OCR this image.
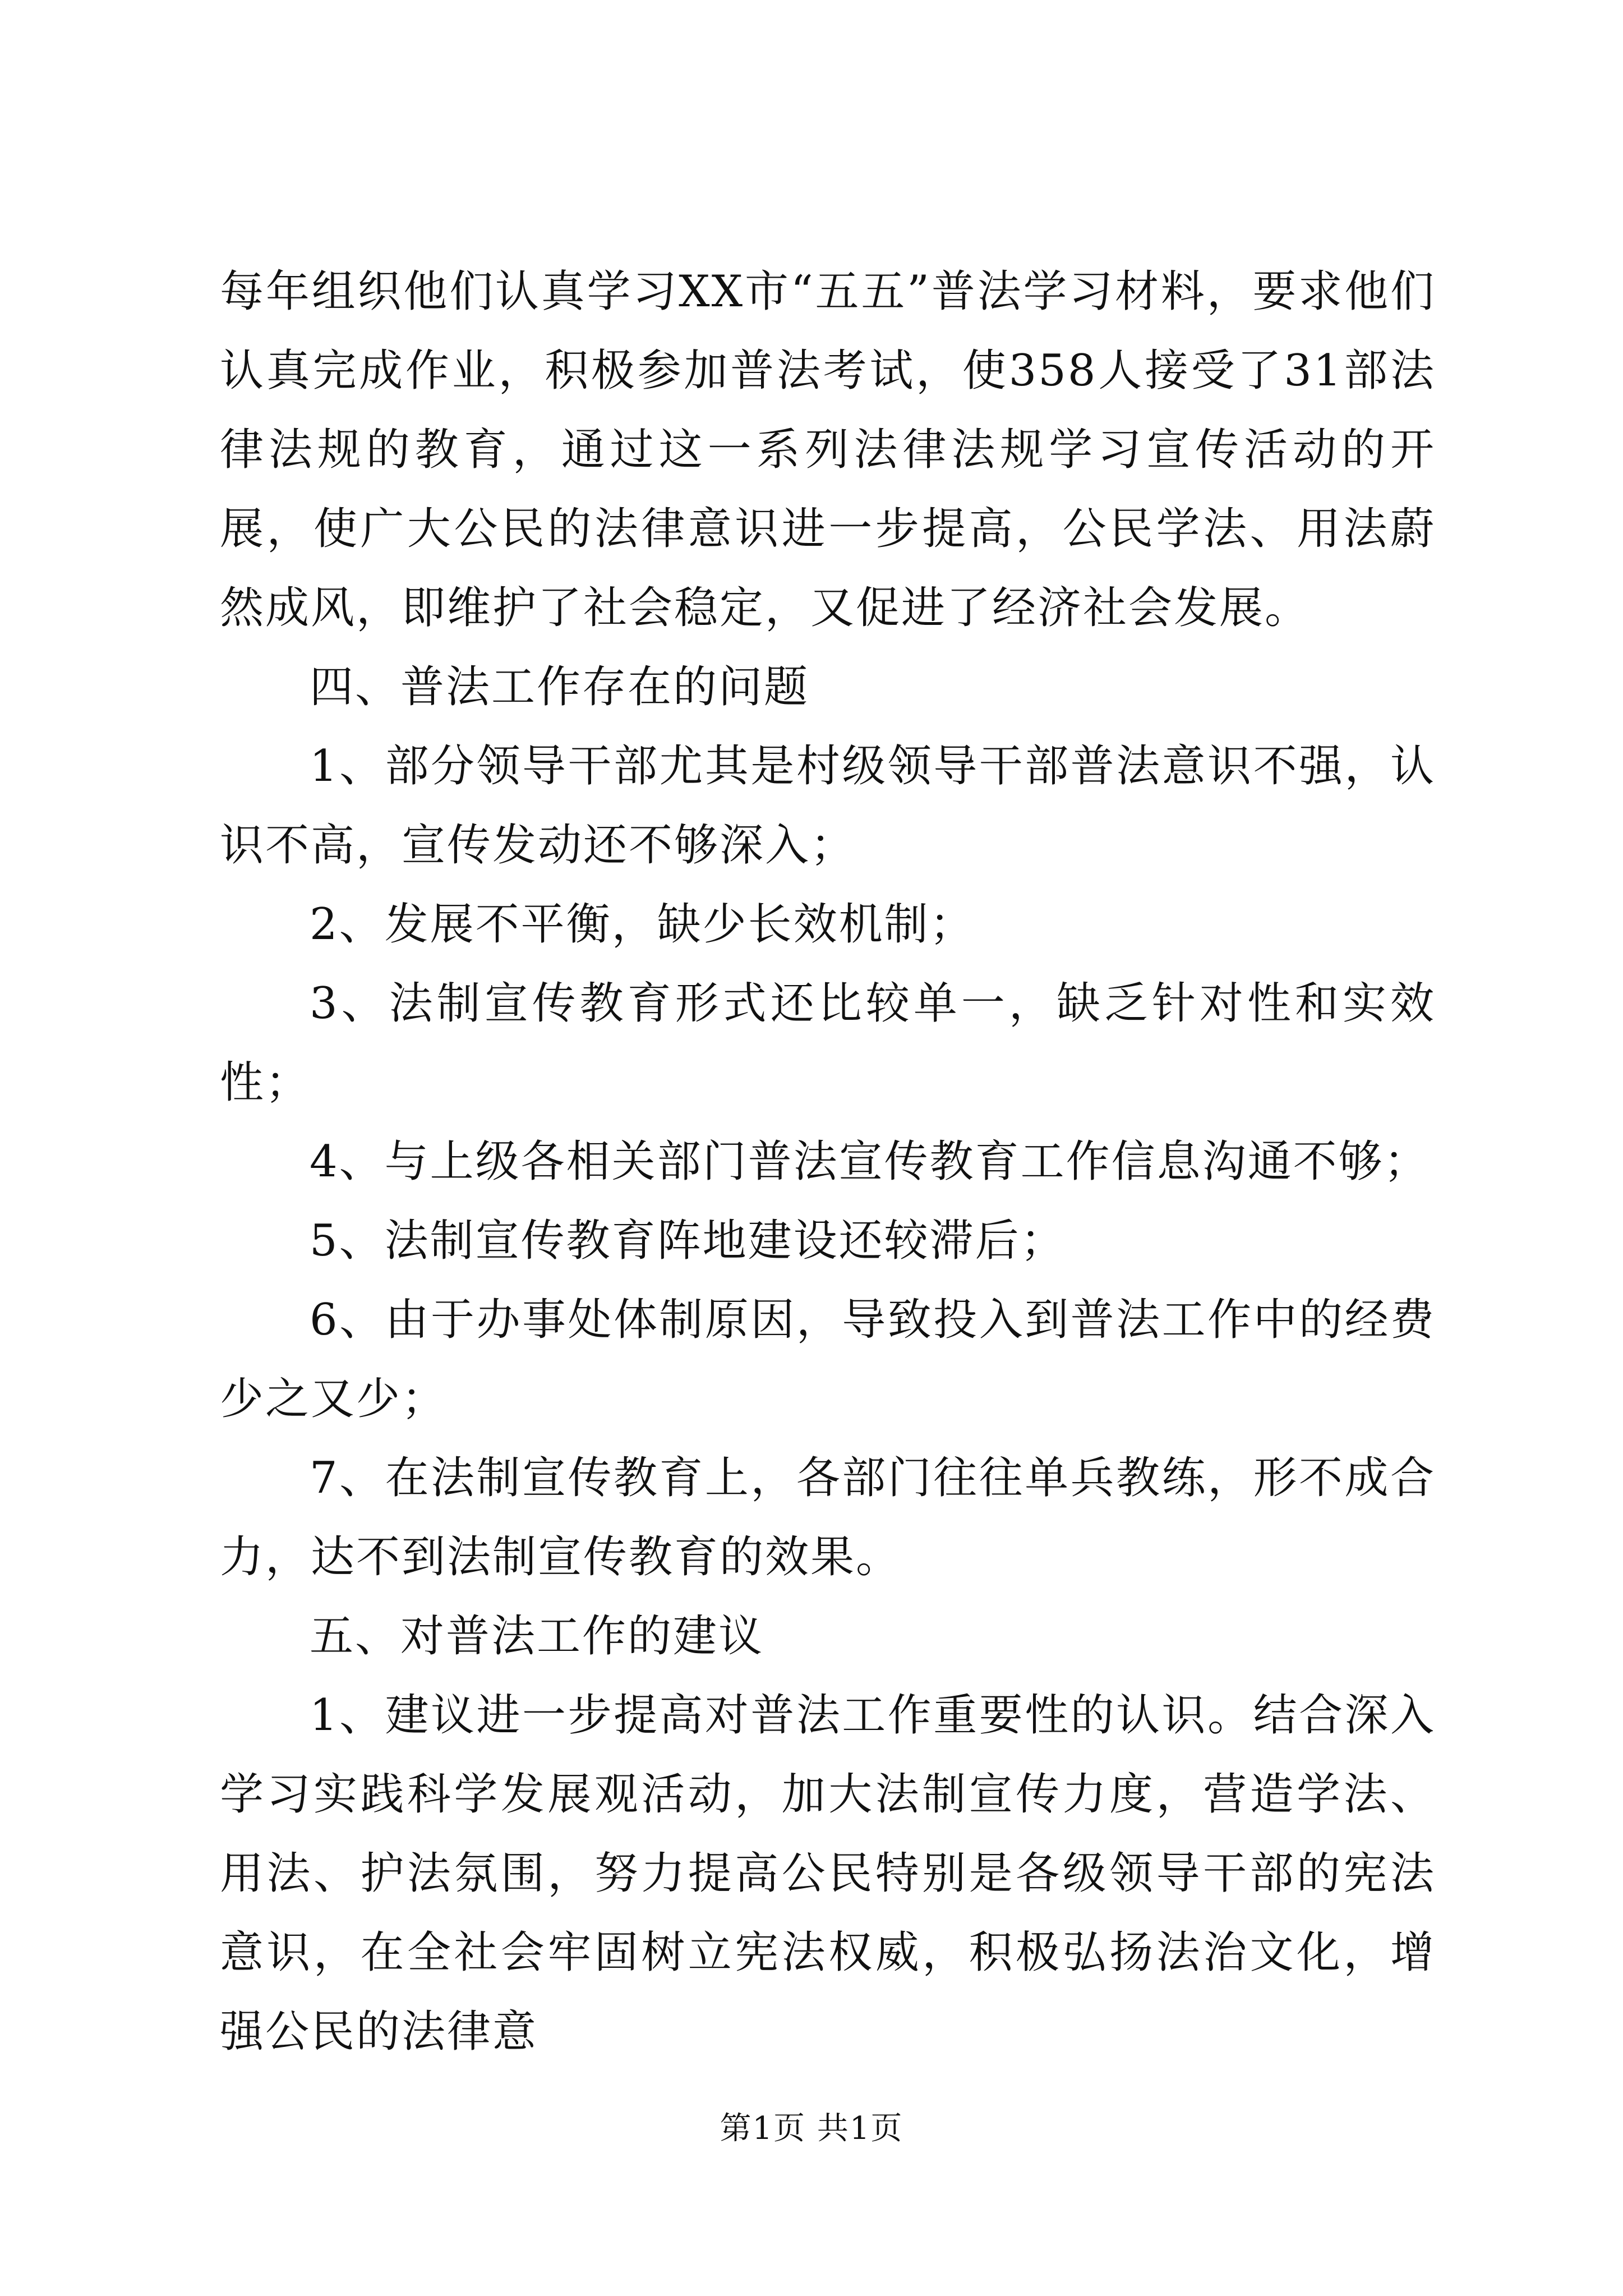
每年组织他们认真学习XX市“五五”普法学习材料，要求他们认真完成作业，积极参加普法考试，使358人接受了31部法律法规的教育，通过这一系列法律法规学习宣传活动的开展，使广大公民的法律意识进一步提高，公民学法、用法蔚然成风，即维护了社会稳定，又促进了经济社会发展。

四、普法工作存在的问题

1、部分领导干部尤其是村级领导干部普法意识不强，认识不高，宣传发动还不够深入；

2、发展不平衡，缺少长效机制；

3、法制宣传教育形式还比较单一，缺乏针对性和实效性；

4、与上级各相关部门普法宣传教育工作信息沟通不够；

5、法制宣传教育阵地建设还较滞后；

6、由于办事处体制原因，导致投入到普法工作中的经费少之又少；

7、在法制宣传教育上，各部门往往单兵教练，形不成合力，达不到法制宣传教育的效果。

五、对普法工作的建议

1、建议进一步提高对普法工作重要性的认识。结合深入学习实践科学发展观活动，加大法制宣传力度，营造学法、用法、护法氛围，努力提高公民特别是各级领导干部的宪法意识，在全社会牢固树立宪法权威，积极弘扬法治文化，增强公民的法律意

第1页 共1页
